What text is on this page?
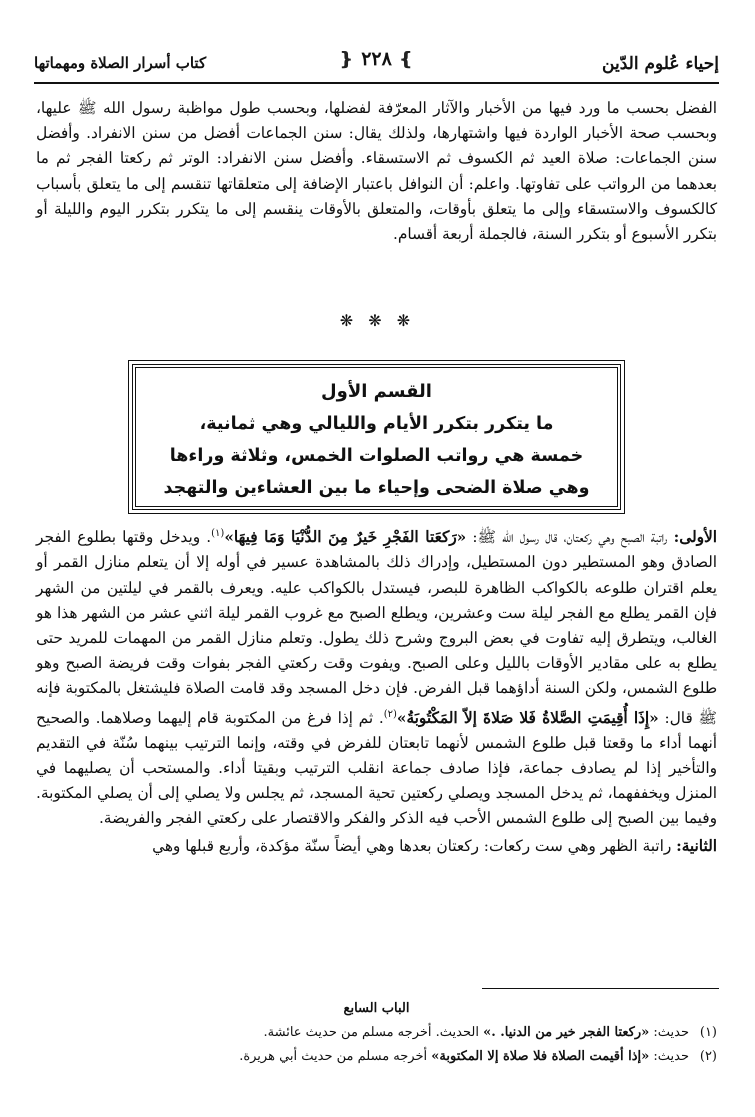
إحياء عُلوم الدّين
❵ ٢٢٨ ❴
كتاب أسرار الصلاة ومهماتها

الفضل بحسب ما ورد فيها من الأخبار والآثار المعرّفة لفضلها، وبحسب طول مواظبة رسول الله ﷺ عليها، وبحسب صحة الأخبار الواردة فيها واشتهارها، ولذلك يقال: سنن الجماعات أفضل من سنن الانفراد. وأفضل سنن الجماعات: صلاة العيد ثم الكسوف ثم الاستسقاء. وأفضل سنن الانفراد: الوتر ثم ركعتا الفجر ثم ما بعدهما من الرواتب على تفاوتها. واعلم: أن النوافل باعتبار الإضافة إلى متعلقاتها تنقسم إلى ما يتعلق بأسباب كالكسوف والاستسقاء وإلى ما يتعلق بأوقات، والمتعلق بالأوقات ينقسم إلى ما يتكرر بتكرر اليوم والليلة أو بتكرر الأسبوع أو بتكرر السنة، فالجملة أربعة أقسام.

❋ ❋ ❋
القسم الأول
ما يتكرر بتكرر الأيام والليالي وهي ثمانية،
خمسة هي رواتب الصلوات الخمس، وثلاثة وراءها
وهي صلاة الضحى وإحياء ما بين العشاءين والتهجد

الأولى: راتبة الصبح وهي ركعتان، قال رسول الله ﷺ: «رَكعَتا الفَجْرِ خَيرٌ مِنَ الدُّنْيَا وَمَا فِيهَا»$^{(١)}$. ويدخل وقتها بطلوع الفجر الصادق وهو المستطير دون المستطيل، وإدراك ذلك بالمشاهدة عسير في أوله إلا أن يتعلم منازل القمر أو يعلم اقتران طلوعه بالكواكب الظاهرة للبصر، فيستدل بالكواكب عليه. ويعرف بالقمر في ليلتين من الشهر فإن القمر يطلع مع الفجر ليلة ست وعشرين، ويطلع الصبح مع غروب القمر ليلة اثني عشر من الشهر هذا هو الغالب، ويتطرق إليه تفاوت في بعض البروج وشرح ذلك يطول. وتعلم منازل القمر من المهمات للمريد حتى يطلع به على مقادير الأوقات بالليل وعلى الصبح. ويفوت وقت ركعتي الفجر بفوات وقت فريضة الصبح وهو طلوع الشمس، ولكن السنة أداؤهما قبل الفرض. فإن دخل المسجد وقد قامت الصلاة فليشتغل بالمكتوبة فإنه ﷺ قال: «إِذَا أُقِيمَتِ الصَّلاةُ فَلا صَلاةَ إلاّ المَكْتُوبَةُ»$^{(٢)}$. ثم إذا فرغ من المكتوبة قام إليهما وصلاهما. والصحيح أنهما أداء ما وقعتا قبل طلوع الشمس لأنهما تابعتان للفرض في وقته، وإنما الترتيب بينهما سُنّة في التقديم والتأخير إذا لم يصادف جماعة، فإذا صادف جماعة انقلب الترتيب وبقيتا أداء. والمستحب أن يصليهما في المنزل ويخففهما، ثم يدخل المسجد ويصلي ركعتين تحية المسجد، ثم يجلس ولا يصلي إلى أن يصلي المكتوبة. وفيما بين الصبح إلى طلوع الشمس الأحب فيه الذكر والفكر والاقتصار على ركعتي الفجر والفريضة.

الثانية: راتبة الظهر وهي ست ركعات: ركعتان بعدها وهي أيضاً سنّة مؤكدة، وأربع قبلها وهي

الباب السابع
(١)حديث: «ركعتا الفجر خير من الدنيا. .» الحديث. أخرجه مسلم من حديث عائشة.
(٢)حديث: «إذا أقيمت الصلاة فلا صلاة إلا المكتوبة» أخرجه مسلم من حديث أبي هريرة.
